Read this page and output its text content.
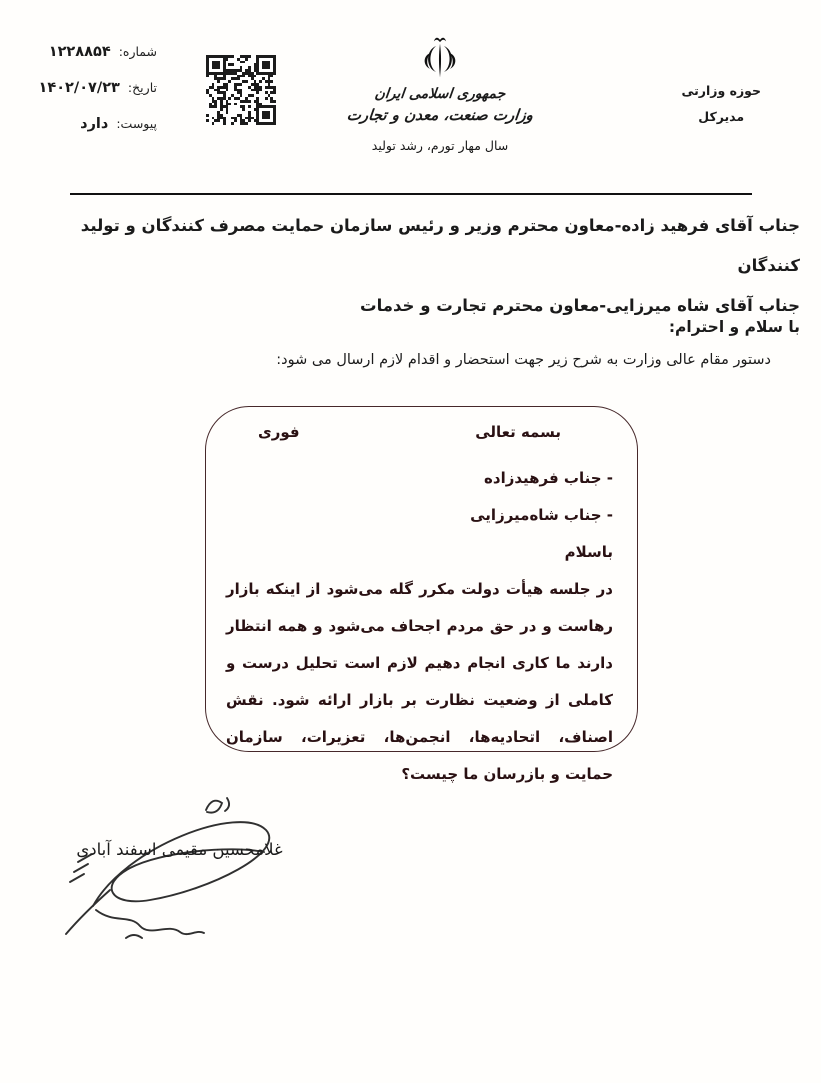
شماره:
۱۲۲۸۸۵۴
تاریخ:
۱۴۰۲/۰۷/۲۳
پیوست:
دارد
جمهوری اسلامی ایران
وزارت صنعت، معدن و تجارت
سال مهار تورم، رشد تولید
حوزه وزارتی
مدیرکل
جناب آقای فرهید زاده-معاون محترم وزیر و رئیس سازمان حمایت مصرف کنندگان و تولید کنندگان
جناب آقای شاه میرزایی-معاون محترم تجارت و خدمات
با سلام و احترام:
دستور مقام عالی وزارت به شرح زیر جهت استحضار و اقدام لازم ارسال می شود:
بسمه تعالی
فوری
- جناب فرهیدزاده
- جناب شاه‌میرزایی
باسلام

در جلسه هیأت دولت مکرر گله می‌شود از اینکه بازار رهاست و در حق مردم اجحاف می‌شود و همه انتظار دارند ما کاری انجام دهیم لازم است تحلیل درست و کاملی از وضعیت نظارت بر بازار ارائه شود. نقش اصناف، اتحادیه‌ها، انجمن‌ها، تعزیرات، سازمان حمایت و بازرسان ما چیست؟

غلامحسین مقیمی اسفند آبادی
